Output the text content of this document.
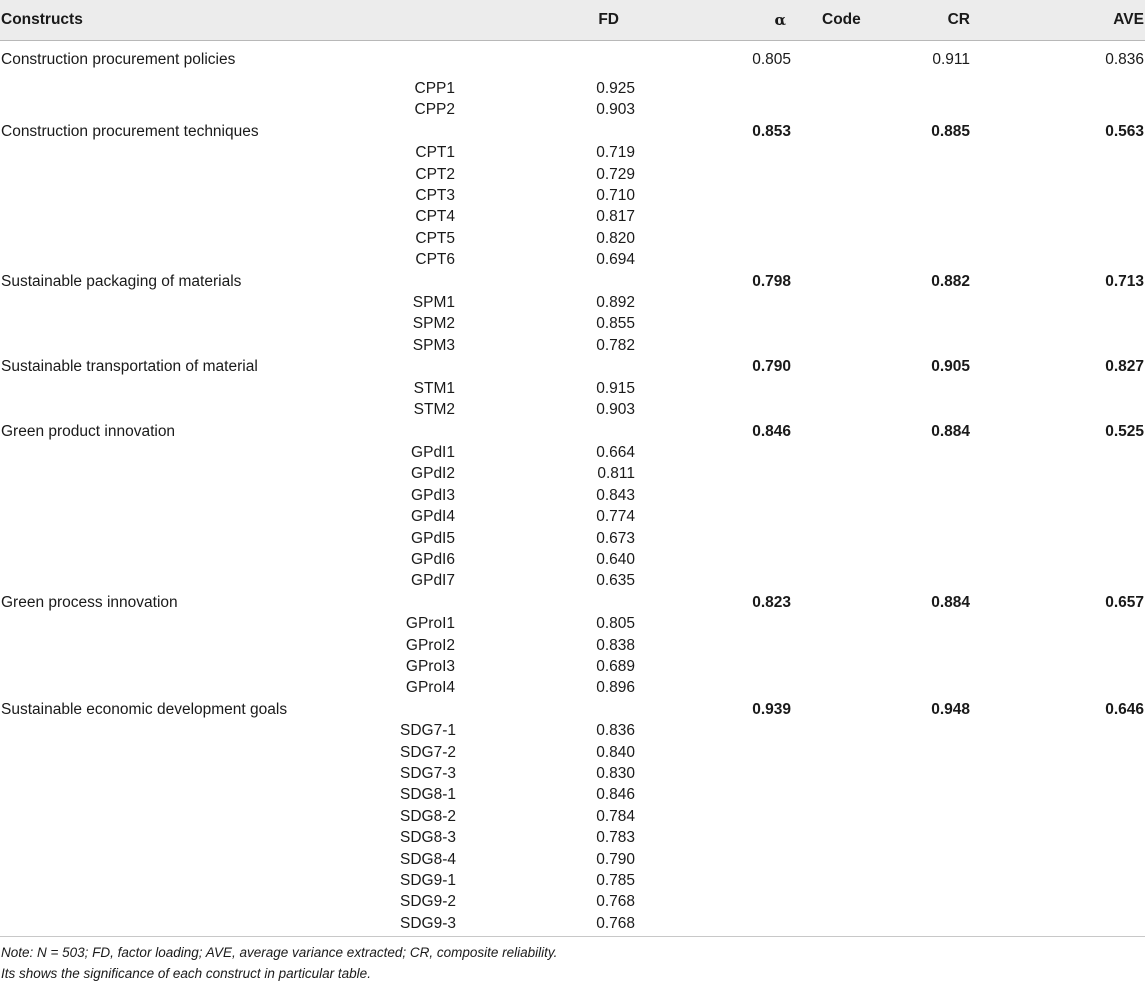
Constructs	Code	FD	α	CR	AVE
Construction procurement policies			0.805	0.911	0.836
	CPP1	0.925			
	CPP2	0.903			
Construction procurement techniques			0.853	0.885	0.563
	CPT1	0.719			
	CPT2	0.729			
	CPT3	0.710			
	CPT4	0.817			
	CPT5	0.820			
	CPT6	0.694			
Sustainable packaging of materials			0.798	0.882	0.713
	SPM1	0.892			
	SPM2	0.855			
	SPM3	0.782			
Sustainable transportation of material			0.790	0.905	0.827
	STM1	0.915			
	STM2	0.903			
Green product innovation			0.846	0.884	0.525
	GPdI1	0.664			
	GPdI2	0.811			
	GPdI3	0.843			
	GPdI4	0.774			
	GPdI5	0.673			
	GPdI6	0.640			
	GPdI7	0.635			
Green process innovation			0.823	0.884	0.657
	GProI1	0.805			
	GProI2	0.838			
	GProI3	0.689			
	GProI4	0.896			
Sustainable economic development goals			0.939	0.948	0.646
	SDG7-1	0.836			
	SDG7-2	0.840			
	SDG7-3	0.830			
	SDG8-1	0.846			
	SDG8-2	0.784			
	SDG8-3	0.783			
	SDG8-4	0.790			
	SDG9-1	0.785			
	SDG9-2	0.768			
	SDG9-3	0.768			
Note: N = 503; FD, factor loading; AVE, average variance extracted; CR, composite reliability.
Its shows the significance of each construct in particular table.
